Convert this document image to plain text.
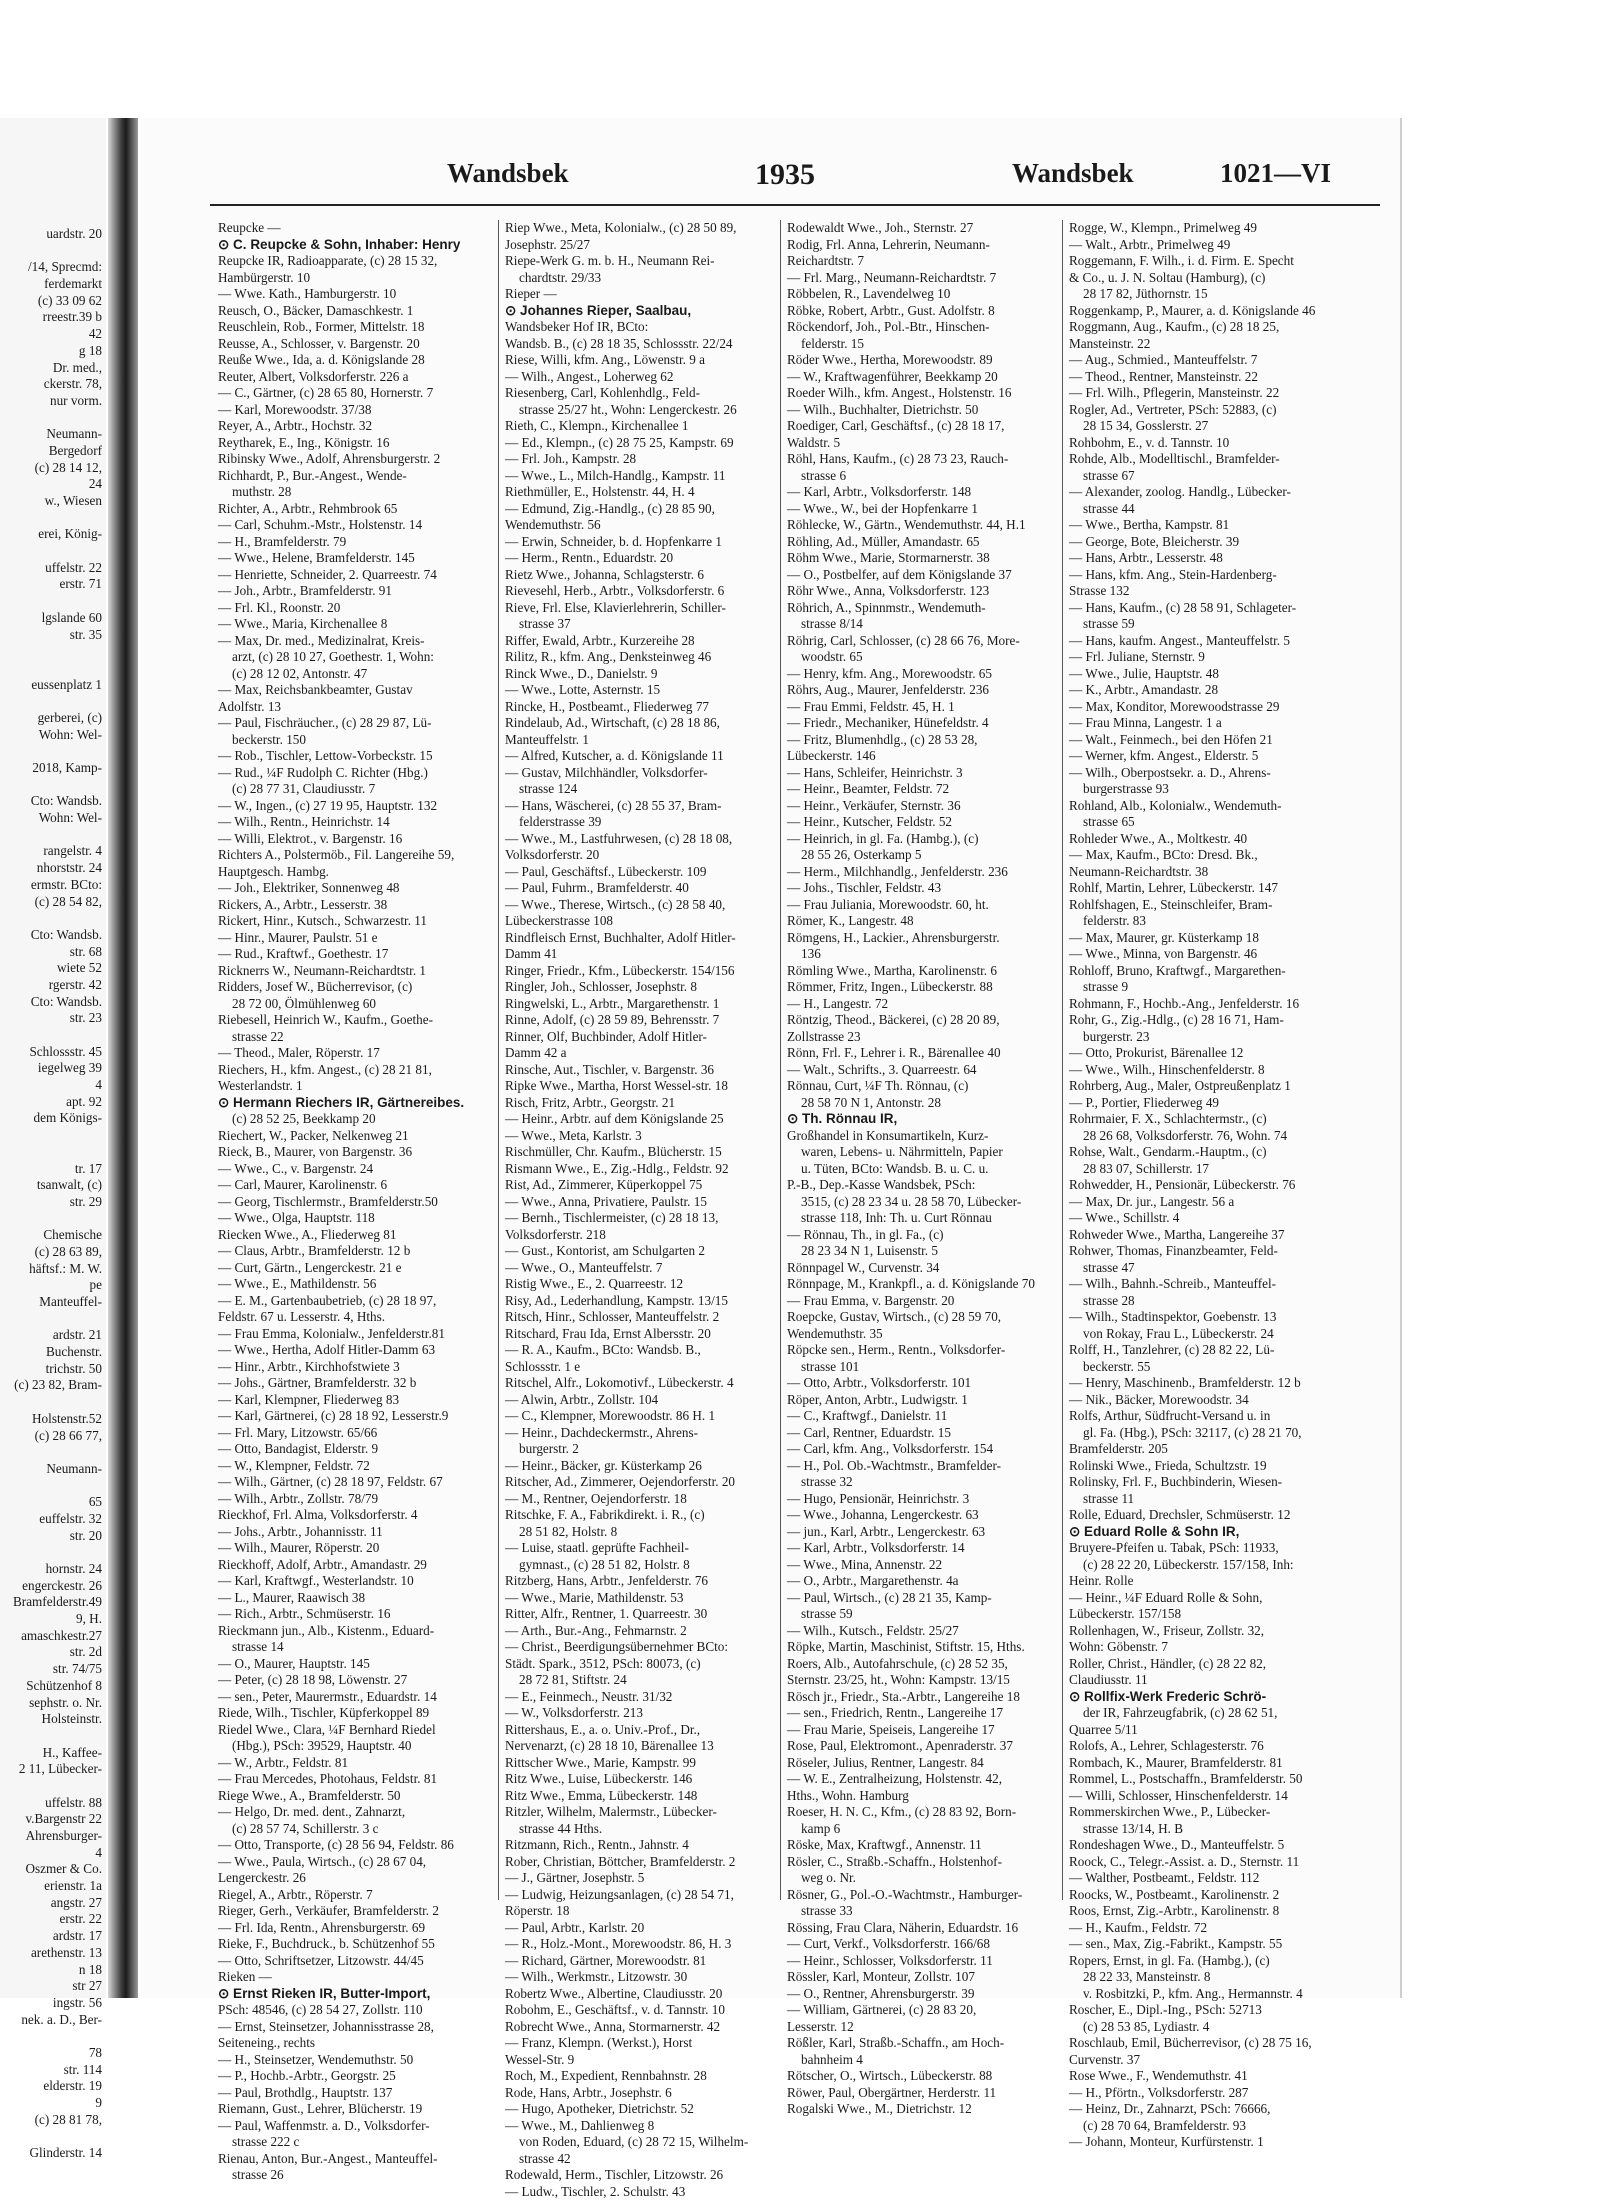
uardstr. 20
/14, Sprecmd:
ferdemarkt
(c) 33 09 62
rreestr.39 b
42
g 18
Dr. med.,
ckerstr. 78,
nur vorm.
Neumann-
Bergedorf
(c) 28 14 12,
24
w., Wiesen
erei, König-
uffelstr. 22
erstr. 71
lgslande 60
str. 35
eussenplatz 1
gerberei, (c)
Wohn: Wel-
2018, Kamp-
Cto: Wandsb.
Wohn: Wel-
rangelstr. 4
nhorststr. 24
ermstr. BCto:
(c) 28 54 82,
Cto: Wandsb.
str. 68
wiete 52
rgerstr. 42
Cto: Wandsb.
str. 23
Schlossstr. 45
iegelweg 39
4
apt. 92
dem Königs-
tr. 17
tsanwalt, (c)
str. 29
Chemische
(c) 28 63 89,
häftsf.: M. W.
pe
Manteuffel-
ardstr. 21
Buchenstr.
trichstr. 50
(c) 23 82, Bram-
Holstenstr.52
(c) 28 66 77,
Neumann-
65
euffelstr. 32
str. 20
hornstr. 24
engerckestr. 26
Bramfelderstr.49
9, H.
amaschkestr.27
str. 2d
str. 74/75
Schützenhof 8
sephstr. o. Nr.
Holsteinstr.
H., Kaffee-
2 11, Lübecker-
uffelstr. 88
v.Bargenstr 22
Ahrensburger-
4
Oszmer & Co.
erienstr. 1a
angstr. 27
erstr. 22
ardstr. 17
arethenstr. 13
n 18
str 27
ingstr. 56
nek. a. D., Ber-
78
str. 114
elderstr. 19
9
(c) 28 81 78,
Glinderstr. 14
Wandsbek	1935	Wandsbek	1021—VI
Reupcke —
⊙ C. Reupcke & Sohn, Inhaber: Henry
Reupcke IR, Radioapparate, (c) 28 15 32,
Hambürgerstr. 10
— Wwe. Kath., Hamburgerstr. 10
Reusch, O., Bäcker, Damaschkestr. 1
Reuschlein, Rob., Former, Mittelstr. 18
Reusse, A., Schlosser, v. Bargenstr. 20
Reuße Wwe., Ida, a. d. Königslande 28
Reuter, Albert, Volksdorferstr. 226 a
— C., Gärtner, (c) 28 65 80, Hornerstr. 7
— Karl, Morewoodstr. 37/38
Reyer, A., Arbtr., Hochstr. 32
Reytharek, E., Ing., Königstr. 16
Ribinsky Wwe., Adolf, Ahrensburgerstr. 2
Richhardt, P., Bur.-Angest., Wende-
muthstr. 28
Richter, A., Arbtr., Rehmbrook 65
— Carl, Schuhm.-Mstr., Holstenstr. 14
— H., Bramfelderstr. 79
— Wwe., Helene, Bramfelderstr. 145
— Henriette, Schneider, 2. Quarreestr. 74
— Joh., Arbtr., Bramfelderstr. 91
— Frl. Kl., Roonstr. 20
— Wwe., Maria, Kirchenallee 8
— Max, Dr. med., Medizinalrat, Kreis-
arzt, (c) 28 10 27, Goethestr. 1, Wohn:
(c) 28 12 02, Antonstr. 47
— Max, Reichsbankbeamter, Gustav
Adolfstr. 13
— Paul, Fischräucher., (c) 28 29 87, Lü-
beckerstr. 150
— Rob., Tischler, Lettow-Vorbeckstr. 15
— Rud., ¼F Rudolph C. Richter (Hbg.)
(c) 28 77 31, Claudiusstr. 7
— W., Ingen., (c) 27 19 95, Hauptstr. 132
— Wilh., Rentn., Heinrichstr. 14
— Willi, Elektrot., v. Bargenstr. 16
Richters A., Polstermöb., Fil. Langereihe 59,
Hauptgesch. Hambg.
— Joh., Elektriker, Sonnenweg 48
Rickers, A., Arbtr., Lesserstr. 38
Rickert, Hinr., Kutsch., Schwarzestr. 11
— Hinr., Maurer, Paulstr. 51 e
— Rud., Kraftwf., Goethestr. 17
Ricknerrs W., Neumann-Reichardtstr. 1
Ridders, Josef W., Bücherrevisor, (c)
28 72 00, Ölmühlenweg 60
Riebesell, Heinrich W., Kaufm., Goethe-
strasse 22
— Theod., Maler, Röperstr. 17
Riechers, H., kfm. Angest., (c) 28 21 81,
Westerlandstr. 1
⊙ Hermann Riechers IR, Gärtnereibes.
(c) 28 52 25, Beekkamp 20
Riechert, W., Packer, Nelkenweg 21
Rieck, B., Maurer, von Bargenstr. 36
— Wwe., C., v. Bargenstr. 24
— Carl, Maurer, Karolinenstr. 6
— Georg, Tischlermstr., Bramfelderstr.50
— Wwe., Olga, Hauptstr. 118
Riecken Wwe., A., Fliederweg 81
— Claus, Arbtr., Bramfelderstr. 12 b
— Curt, Gärtn., Lengerckestr. 21 e
— Wwe., E., Mathildenstr. 56
— E. M., Gartenbaubetrieb, (c) 28 18 97,
Feldstr. 67 u. Lesserstr. 4, Hths.
— Frau Emma, Kolonialw., Jenfelderstr.81
— Wwe., Hertha, Adolf Hitler-Damm 63
— Hinr., Arbtr., Kirchhofstwiete 3
— Johs., Gärtner, Bramfelderstr. 32 b
— Karl, Klempner, Fliederweg 83
— Karl, Gärtnerei, (c) 28 18 92, Lesserstr.9
— Frl. Mary, Litzowstr. 65/66
— Otto, Bandagist, Elderstr. 9
— W., Klempner, Feldstr. 72
— Wilh., Gärtner, (c) 28 18 97, Feldstr. 67
— Wilh., Arbtr., Zollstr. 78/79
Rieckhof, Frl. Alma, Volksdorferstr. 4
— Johs., Arbtr., Johannisstr. 11
— Wilh., Maurer, Röperstr. 20
Rieckhoff, Adolf, Arbtr., Amandastr. 29
— Karl, Kraftwgf., Westerlandstr. 10
— L., Maurer, Raawisch 38
— Rich., Arbtr., Schmüserstr. 16
Rieckmann jun., Alb., Kistenm., Eduard-
strasse 14
— O., Maurer, Hauptstr. 145
— Peter, (c) 28 18 98, Löwenstr. 27
— sen., Peter, Maurermstr., Eduardstr. 14
Riede, Wilh., Tischler, Küpferkoppel 89
Riedel Wwe., Clara, ¼F Bernhard Riedel
(Hbg.), PSch: 39529, Hauptstr. 40
— W., Arbtr., Feldstr. 81
— Frau Mercedes, Photohaus, Feldstr. 81
Riege Wwe., A., Bramfelderstr. 50
— Helgo, Dr. med. dent., Zahnarzt,
(c) 28 57 74, Schillerstr. 3 c
— Otto, Transporte, (c) 28 56 94, Feldstr. 86
— Wwe., Paula, Wirtsch., (c) 28 67 04,
Lengerckestr. 26
Riegel, A., Arbtr., Röperstr. 7
Rieger, Gerh., Verkäufer, Bramfelderstr. 2
— Frl. Ida, Rentn., Ahrensburgerstr. 69
Rieke, F., Buchdruck., b. Schützenhof 55
— Otto, Schriftsetzer, Litzowstr. 44/45
Rieken —
⊙ Ernst Rieken IR, Butter-Import,
PSch: 48546, (c) 28 54 27, Zollstr. 110
— Ernst, Steinsetzer, Johannisstrasse 28,
Seiteneing., rechts
— H., Steinsetzer, Wendemuthstr. 50
— P., Hochb.-Arbtr., Georgstr. 25
— Paul, Brothdlg., Hauptstr. 137
Riemann, Gust., Lehrer, Blücherstr. 19
— Paul, Waffenmstr. a. D., Volksdorfer-
strasse 222 c
Rienau, Anton, Bur.-Angest., Manteuffel-
strasse 26
Riep Wwe., Meta, Kolonialw., (c) 28 50 89,
Josephstr. 25/27
Riepe-Werk G. m. b. H., Neumann Rei-
chardtstr. 29/33
Rieper —
⊙ Johannes Rieper, Saalbau,
Wandsbeker Hof IR, BCto:
Wandsb. B., (c) 28 18 35, Schlossstr. 22/24
Riese, Willi, kfm. Ang., Löwenstr. 9 a
— Wilh., Angest., Loherweg 62
Riesenberg, Carl, Kohlenhdlg., Feld-
strasse 25/27 ht., Wohn: Lengerckestr. 26
Rieth, C., Klempn., Kirchenallee 1
— Ed., Klempn., (c) 28 75 25, Kampstr. 69
— Frl. Joh., Kampstr. 28
— Wwe., L., Milch-Handlg., Kampstr. 11
Riethmüller, E., Holstenstr. 44, H. 4
— Edmund, Zig.-Handlg., (c) 28 85 90,
Wendemuthstr. 56
— Erwin, Schneider, b. d. Hopfenkarre 1
— Herm., Rentn., Eduardstr. 20
Rietz Wwe., Johanna, Schlagsterstr. 6
Rievesehl, Herb., Arbtr., Volksdorferstr. 6
Rieve, Frl. Else, Klavierlehrerin, Schiller-
strasse 37
Riffer, Ewald, Arbtr., Kurzereihe 28
Rilitz, R., kfm. Ang., Denksteinweg 46
Rinck Wwe., D., Danielstr. 9
— Wwe., Lotte, Asternstr. 15
Rincke, H., Postbeamt., Fliederweg 77
Rindelaub, Ad., Wirtschaft, (c) 28 18 86,
Manteuffelstr. 1
— Alfred, Kutscher, a. d. Königslande 11
— Gustav, Milchhändler, Volksdorfer-
strasse 124
— Hans, Wäscherei, (c) 28 55 37, Bram-
felderstrasse 39
— Wwe., M., Lastfuhrwesen, (c) 28 18 08,
Volksdorferstr. 20
— Paul, Geschäftsf., Lübeckerstr. 109
— Paul, Fuhrm., Bramfelderstr. 40
— Wwe., Therese, Wirtsch., (c) 28 58 40,
Lübeckerstrasse 108
Rindfleisch Ernst, Buchhalter, Adolf Hitler-
Damm 41
Ringer, Friedr., Kfm., Lübeckerstr. 154/156
Ringler, Joh., Schlosser, Josephstr. 8
Ringwelski, L., Arbtr., Margarethenstr. 1
Rinne, Adolf, (c) 28 59 89, Behrensstr. 7
Rinner, Olf, Buchbinder, Adolf Hitler-
Damm 42 a
Rinsche, Aut., Tischler, v. Bargenstr. 36
Ripke Wwe., Martha, Horst Wessel-str. 18
Risch, Fritz, Arbtr., Georgstr. 21
— Heinr., Arbtr. auf dem Königslande 25
— Wwe., Meta, Karlstr. 3
Rischmüller, Chr. Kaufm., Blücherstr. 15
Rismann Wwe., E., Zig.-Hdlg., Feldstr. 92
Rist, Ad., Zimmerer, Küperkoppel 75
— Wwe., Anna, Privatiere, Paulstr. 15
— Bernh., Tischlermeister, (c) 28 18 13,
Volksdorferstr. 218
— Gust., Kontorist, am Schulgarten 2
— Wwe., O., Manteuffelstr. 7
Ristig Wwe., E., 2. Quarreestr. 12
Risy, Ad., Lederhandlung, Kampstr. 13/15
Ritsch, Hinr., Schlosser, Manteuffelstr. 2
Ritschard, Frau Ida, Ernst Albersstr. 20
— R. A., Kaufm., BCto: Wandsb. B.,
Schlossstr. 1 e
Ritschel, Alfr., Lokomotivf., Lübeckerstr. 4
— Alwin, Arbtr., Zollstr. 104
— C., Klempner, Morewoodstr. 86 H. 1
— Heinr., Dachdeckermstr., Ahrens-
burgerstr. 2
— Heinr., Bäcker, gr. Küsterkamp 26
Ritscher, Ad., Zimmerer, Oejendorferstr. 20
— M., Rentner, Oejendorferstr. 18
Ritschke, F. A., Fabrikdirekt. i. R., (c)
28 51 82, Holstr. 8
— Luise, staatl. geprüfte Fachheil-
gymnast., (c) 28 51 82, Holstr. 8
Ritzberg, Hans, Arbtr., Jenfelderstr. 76
— Wwe., Marie, Mathildenstr. 53
Ritter, Alfr., Rentner, 1. Quarreestr. 30
— Arth., Bur.-Ang., Fehmarnstr. 2
— Christ., Beerdigungsübernehmer BCto:
Städt. Spark., 3512, PSch: 80073, (c)
28 72 81, Stiftstr. 24
— E., Feinmech., Neustr. 31/32
— W., Volksdorferstr. 213
Rittershaus, E., a. o. Univ.-Prof., Dr.,
Nervenarzt, (c) 28 18 10, Bärenallee 13
Rittscher Wwe., Marie, Kampstr. 99
Ritz Wwe., Luise, Lübeckerstr. 146
Ritz Wwe., Emma, Lübeckerstr. 148
Ritzler, Wilhelm, Malermstr., Lübecker-
strasse 44 Hths.
Ritzmann, Rich., Rentn., Jahnstr. 4
Rober, Christian, Böttcher, Bramfelderstr. 2
— J., Gärtner, Josephstr. 5
— Ludwig, Heizungsanlagen, (c) 28 54 71,
Röperstr. 18
— Paul, Arbtr., Karlstr. 20
— R., Holz.-Mont., Morewoodstr. 86, H. 3
— Richard, Gärtner, Morewoodstr. 81
— Wilh., Werkmstr., Litzowstr. 30
Robertz Wwe., Albertine, Claudiusstr. 20
Robohm, E., Geschäftsf., v. d. Tannstr. 10
Robrecht Wwe., Anna, Stormarnerstr. 42
— Franz, Klempn. (Werkst.), Horst
Wessel-Str. 9
Roch, M., Expedient, Rennbahnstr. 28
Rode, Hans, Arbtr., Josephstr. 6
— Hugo, Apotheker, Dietrichstr. 52
— Wwe., M., Dahlienweg 8
von Roden, Eduard, (c) 28 72 15, Wilhelm-
strasse 42
Rodewald, Herm., Tischler, Litzowstr. 26
— Ludw., Tischler, 2. Schulstr. 43
Rodewaldt Wwe., Joh., Sternstr. 27
Rodig, Frl. Anna, Lehrerin, Neumann-
Reichardtstr. 7
— Frl. Marg., Neumann-Reichardtstr. 7
Röbbelen, R., Lavendelweg 10
Röbke, Robert, Arbtr., Gust. Adolfstr. 8
Röckendorf, Joh., Pol.-Btr., Hinschen-
felderstr. 15
Röder Wwe., Hertha, Morewoodstr. 89
— W., Kraftwagenführer, Beekkamp 20
Roeder Wilh., kfm. Angest., Holstenstr. 16
— Wilh., Buchhalter, Dietrichstr. 50
Roediger, Carl, Geschäftsf., (c) 28 18 17,
Waldstr. 5
Röhl, Hans, Kaufm., (c) 28 73 23, Rauch-
strasse 6
— Karl, Arbtr., Volksdorferstr. 148
— Wwe., W., bei der Hopfenkarre 1
Röhlecke, W., Gärtn., Wendemuthstr. 44, H.1
Röhling, Ad., Müller, Amandastr. 65
Röhm Wwe., Marie, Stormarnerstr. 38
— O., Postbelfer, auf dem Königslande 37
Röhr Wwe., Anna, Volksdorferstr. 123
Röhrich, A., Spinnmstr., Wendemuth-
strasse 8/14
Röhrig, Carl, Schlosser, (c) 28 66 76, More-
woodstr. 65
— Henry, kfm. Ang., Morewoodstr. 65
Röhrs, Aug., Maurer, Jenfelderstr. 236
— Frau Emmi, Feldstr. 45, H. 1
— Friedr., Mechaniker, Hünefeldstr. 4
— Fritz, Blumenhdlg., (c) 28 53 28,
Lübeckerstr. 146
— Hans, Schleifer, Heinrichstr. 3
— Heinr., Beamter, Feldstr. 72
— Heinr., Verkäufer, Sternstr. 36
— Heinr., Kutscher, Feldstr. 52
— Heinrich, in gl. Fa. (Hambg.), (c)
28 55 26, Osterkamp 5
— Herm., Milchhandlg., Jenfelderstr. 236
— Johs., Tischler, Feldstr. 43
— Frau Juliania, Morewoodstr. 60, ht.
Römer, K., Langestr. 48
Römgens, H., Lackier., Ahrensburgerstr.
136
Römling Wwe., Martha, Karolinenstr. 6
Römmer, Fritz, Ingen., Lübeckerstr. 88
— H., Langestr. 72
Röntzig, Theod., Bäckerei, (c) 28 20 89,
Zollstrasse 23
Rönn, Frl. F., Lehrer i. R., Bärenallee 40
— Walt., Schrifts., 3. Quarreestr. 64
Rönnau, Curt, ¼F Th. Rönnau, (c)
28 58 70 N 1, Antonstr. 28
⊙ Th. Rönnau IR,
Großhandel in Konsumartikeln, Kurz-
waren, Lebens- u. Nährmitteln, Papier
u. Tüten, BCto: Wandsb. B. u. C. u.
P.-B., Dep.-Kasse Wandsbek, PSch:
3515, (c) 28 23 34 u. 28 58 70, Lübecker-
strasse 118, Inh: Th. u. Curt Rönnau
— Rönnau, Th., in gl. Fa., (c)
28 23 34 N 1, Luisenstr. 5
Rönnpagel W., Curvenstr. 34
Rönnpage, M., Krankpfl., a. d. Königslande 70
— Frau Emma, v. Bargenstr. 20
Roepcke, Gustav, Wirtsch., (c) 28 59 70,
Wendemuthstr. 35
Röpcke sen., Herm., Rentn., Volksdorfer-
strasse 101
— Otto, Arbtr., Volksdorferstr. 101
Röper, Anton, Arbtr., Ludwigstr. 1
— C., Kraftwgf., Danielstr. 11
— Carl, Rentner, Eduardstr. 15
— Carl, kfm. Ang., Volksdorferstr. 154
— H., Pol. Ob.-Wachtmstr., Bramfelder-
strasse 32
— Hugo, Pensionär, Heinrichstr. 3
— Wwe., Johanna, Lengerckestr. 63
— jun., Karl, Arbtr., Lengerckestr. 63
— Karl, Arbtr., Volksdorferstr. 14
— Wwe., Mina, Annenstr. 22
— O., Arbtr., Margarethenstr. 4a
— Paul, Wirtsch., (c) 28 21 35, Kamp-
strasse 59
— Wilh., Kutsch., Feldstr. 25/27
Röpke, Martin, Maschinist, Stiftstr. 15, Hths.
Roers, Alb., Autofahrschule, (c) 28 52 35,
Sternstr. 23/25, ht., Wohn: Kampstr. 13/15
Rösch jr., Friedr., Sta.-Arbtr., Langereihe 18
— sen., Friedrich, Rentn., Langereihe 17
— Frau Marie, Speiseis, Langereihe 17
Rose, Paul, Elektromont., Apenraderstr. 37
Röseler, Julius, Rentner, Langestr. 84
— W. E., Zentralheizung, Holstenstr. 42,
Hths., Wohn. Hamburg
Roeser, H. N. C., Kfm., (c) 28 83 92, Born-
kamp 6
Röske, Max, Kraftwgf., Annenstr. 11
Rösler, C., Straßb.-Schaffn., Holstenhof-
weg o. Nr.
Rösner, G., Pol.-O.-Wachtmstr., Hamburger-
strasse 33
Rössing, Frau Clara, Näherin, Eduardstr. 16
— Curt, Verkf., Volksdorferstr. 166/68
— Heinr., Schlosser, Volksdorferstr. 11
Rössler, Karl, Monteur, Zollstr. 107
— O., Rentner, Ahrensburgerstr. 39
— William, Gärtnerei, (c) 28 83 20,
Lesserstr. 12
Rößler, Karl, Straßb.-Schaffn., am Hoch-
bahnheim 4
Rötscher, O., Wirtsch., Lübeckerstr. 88
Röwer, Paul, Obergärtner, Herderstr. 11
Rogalski Wwe., M., Dietrichstr. 12
Rogge, W., Klempn., Primelweg 49
— Walt., Arbtr., Primelweg 49
Roggemann, F. Wilh., i. d. Firm. E. Specht
& Co., u. J. N. Soltau (Hamburg), (c)
28 17 82, Jüthornstr. 15
Roggenkamp, P., Maurer, a. d. Königslande 46
Roggmann, Aug., Kaufm., (c) 28 18 25,
Mansteinstr. 22
— Aug., Schmied., Manteuffelstr. 7
— Theod., Rentner, Mansteinstr. 22
— Frl. Wilh., Pflegerin, Mansteinstr. 22
Rogler, Ad., Vertreter, PSch: 52883, (c)
28 15 34, Gosslerstr. 27
Rohbohm, E., v. d. Tannstr. 10
Rohde, Alb., Modelltischl., Bramfelder-
strasse 67
— Alexander, zoolog. Handlg., Lübecker-
strasse 44
— Wwe., Bertha, Kampstr. 81
— George, Bote, Bleicherstr. 39
— Hans, Arbtr., Lesserstr. 48
— Hans, kfm. Ang., Stein-Hardenberg-
Strasse 132
— Hans, Kaufm., (c) 28 58 91, Schlageter-
strasse 59
— Hans, kaufm. Angest., Manteuffelstr. 5
— Frl. Juliane, Sternstr. 9
— Wwe., Julie, Hauptstr. 48
— K., Arbtr., Amandastr. 28
— Max, Konditor, Morewoodstrasse 29
— Frau Minna, Langestr. 1 a
— Walt., Feinmech., bei den Höfen 21
— Werner, kfm. Angest., Elderstr. 5
— Wilh., Oberpostsekr. a. D., Ahrens-
burgerstrasse 93
Rohland, Alb., Kolonialw., Wendemuth-
strasse 65
Rohleder Wwe., A., Moltkestr. 40
— Max, Kaufm., BCto: Dresd. Bk.,
Neumann-Reichardtstr. 38
Rohlf, Martin, Lehrer, Lübeckerstr. 147
Rohlfshagen, E., Steinschleifer, Bram-
felderstr. 83
— Max, Maurer, gr. Küsterkamp 18
— Wwe., Minna, von Bargenstr. 46
Rohloff, Bruno, Kraftwgf., Margarethen-
strasse 9
Rohmann, F., Hochb.-Ang., Jenfelderstr. 16
Rohr, G., Zig.-Hdlg., (c) 28 16 71, Ham-
burgerstr. 23
— Otto, Prokurist, Bärenallee 12
— Wwe., Wilh., Hinschenfelderstr. 8
Rohrberg, Aug., Maler, Ostpreußenplatz 1
— P., Portier, Fliederweg 49
Rohrmaier, F. X., Schlachtermstr., (c)
28 26 68, Volksdorferstr. 76, Wohn. 74
Rohse, Walt., Gendarm.-Hauptm., (c)
28 83 07, Schillerstr. 17
Rohwedder, H., Pensionär, Lübeckerstr. 76
— Max, Dr. jur., Langestr. 56 a
— Wwe., Schillstr. 4
Rohweder Wwe., Martha, Langereihe 37
Rohwer, Thomas, Finanzbeamter, Feld-
strasse 47
— Wilh., Bahnh.-Schreib., Manteuffel-
strasse 28
— Wilh., Stadtinspektor, Goebenstr. 13
von Rokay, Frau L., Lübeckerstr. 24
Rolff, H., Tanzlehrer, (c) 28 82 22, Lü-
beckerstr. 55
— Henry, Maschinenb., Bramfelderstr. 12 b
— Nik., Bäcker, Morewoodstr. 34
Rolfs, Arthur, Südfrucht-Versand u. in
gl. Fa. (Hbg.), PSch: 32117, (c) 28 21 70,
Bramfelderstr. 205
Rolinski Wwe., Frieda, Schultzstr. 19
Rolinsky, Frl. F., Buchbinderin, Wiesen-
strasse 11
Rolle, Eduard, Drechsler, Schmüserstr. 12
⊙ Eduard Rolle & Sohn IR,
Bruyere-Pfeifen u. Tabak, PSch: 11933,
(c) 28 22 20, Lübeckerstr. 157/158, Inh:
Heinr. Rolle
— Heinr., ¼F Eduard Rolle & Sohn,
Lübeckerstr. 157/158
Rollenhagen, W., Friseur, Zollstr. 32,
Wohn: Göbenstr. 7
Roller, Christ., Händler, (c) 28 22 82,
Claudiusstr. 11
⊙ Rollfix-Werk Frederic Schrö-
der IR, Fahrzeugfabrik, (c) 28 62 51,
Quarree 5/11
Rolofs, A., Lehrer, Schlagesterstr. 76
Rombach, K., Maurer, Bramfelderstr. 81
Rommel, L., Postschaffn., Bramfelderstr. 50
— Willi, Schlosser, Hinschenfelderstr. 14
Rommerskirchen Wwe., P., Lübecker-
strasse 13/14, H. B
Rondeshagen Wwe., D., Manteuffelstr. 5
Roock, C., Telegr.-Assist. a. D., Sternstr. 11
— Walther, Postbeamt., Feldstr. 112
Roocks, W., Postbeamt., Karolinenstr. 2
Roos, Ernst, Zig.-Arbtr., Karolinenstr. 8
— H., Kaufm., Feldstr. 72
— sen., Max, Zig.-Fabrikt., Kampstr. 55
Ropers, Ernst, in gl. Fa. (Hambg.), (c)
28 22 33, Mansteinstr. 8
v. Rosbitzki, P., kfm. Ang., Hermannstr. 4
Roscher, E., Dipl.-Ing., PSch: 52713
(c) 28 53 85, Lydiastr. 4
Roschlaub, Emil, Bücherrevisor, (c) 28 75 16,
Curvenstr. 37
Rose Wwe., F., Wendemuthstr. 41
— H., Pförtn., Volksdorferstr. 287
— Heinz, Dr., Zahnarzt, PSch: 76666,
(c) 28 70 64, Bramfelderstr. 93
— Johann, Monteur, Kurfürstenstr. 1
